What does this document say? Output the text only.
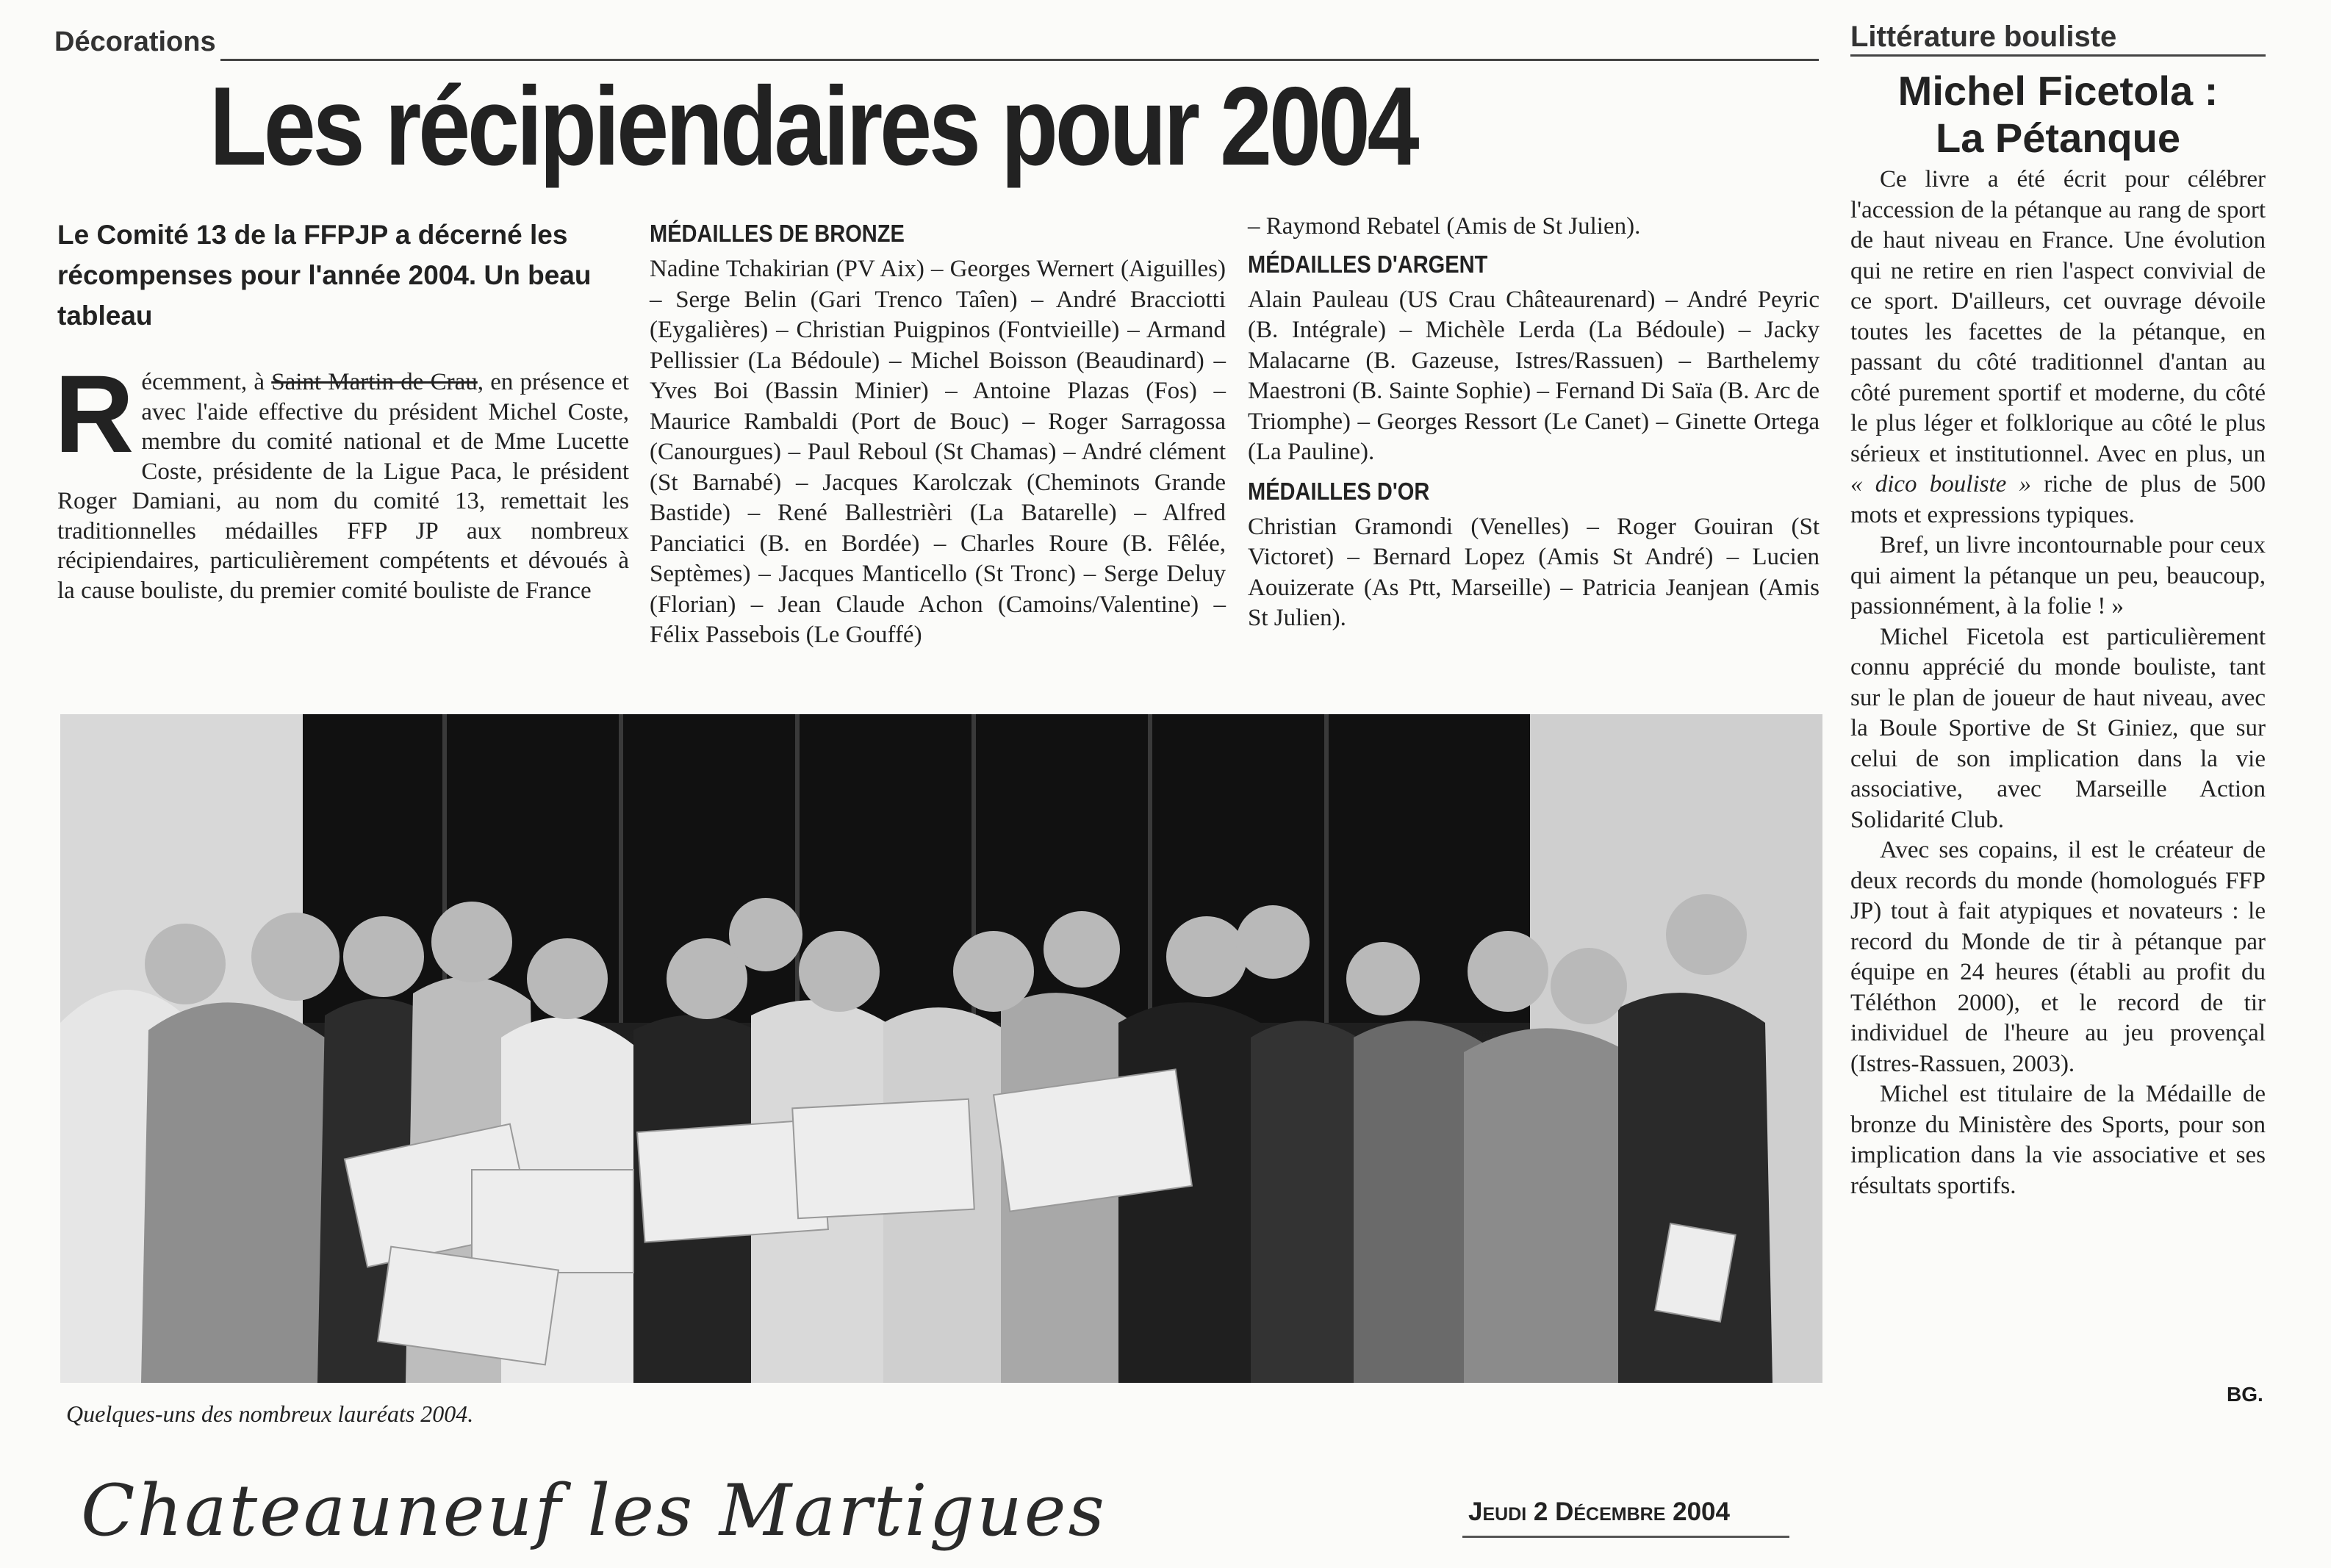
Décorations
Les récipiendaires pour 2004
Le Comité 13 de la FFPJP a décerné les récompenses pour l'année 2004. Un beau tableau
Récemment, à Saint Martin de Crau, en présence et avec l'aide effective du président Michel Coste, membre du comité national et de Mme Lucette Coste, présidente de la Ligue Paca, le président Roger Damiani, au nom du comité 13, remettait les traditionnelles médailles FFP JP aux nombreux récipiendaires, particulièrement compétents et dévoués à la cause bouliste, du premier comité bouliste de France
MÉDAILLES DE BRONZE
Nadine Tchakirian (PV Aix) – Georges Wernert (Aiguilles) – Serge Belin (Gari Trenco Taîen) – André Bracciotti (Eygalières) – Christian Puigpinos (Fontvieille) – Armand Pellissier (La Bédoule) – Michel Boisson (Beaudinard) – Yves Boi (Bassin Minier) – Antoine Plazas (Fos) – Maurice Rambaldi (Port de Bouc) – Roger Sarragossa (Canourgues) – Paul Reboul (St Chamas) – André clément (St Barnabé) – Jacques Karolczak (Cheminots Grande Bastide) – René Ballestrièri (La Batarelle) – Alfred Panciatici (B. en Bordée) – Charles Roure (B. Fêlée, Septèmes) – Jacques Manticello (St Tronc) – Serge Deluy (Florian) – Jean Claude Achon (Camoins/Valentine) – Félix Passebois (Le Gouffé)
– Raymond Rebatel (Amis de St Julien).
MÉDAILLES D'ARGENT
Alain Pauleau (US Crau Châteaurenard) – André Peyric (B. Intégrale) – Michèle Lerda (La Bédoule) – Jacky Malacarne (B. Gazeuse, Istres/Rassuen) – Barthelemy Maestroni (B. Sainte Sophie) – Fernand Di Saïa (B. Arc de Triomphe) – Georges Ressort (Le Canet) – Ginette Ortega (La Pauline).
MÉDAILLES D'OR
Christian Gramondi (Venelles) – Roger Gouiran (St Victoret) – Bernard Lopez (Amis St André) – Lucien Aouizerate (As Ptt, Marseille) – Patricia Jeanjean (Amis St Julien).
Littérature bouliste
Michel Ficetola :
La Pétanque

Ce livre a été écrit pour célébrer l'accession de la pétanque au rang de sport de haut niveau en France. Une évolution qui ne retire en rien l'aspect convivial de ce sport. D'ailleurs, cet ouvrage dévoile toutes les facettes de la pétanque, en passant du côté traditionnel d'antan au côté purement sportif et moderne, du côté le plus léger et folklorique au côté le plus sérieux et institutionnel. Avec en plus, un « dico bouliste » riche de plus de 500 mots et expressions typiques.

Bref, un livre incontournable pour ceux qui aiment la pétanque un peu, beaucoup, passionnément, à la folie ! »

Michel Ficetola est particulièrement connu apprécié du monde bouliste, tant sur le plan de joueur de haut niveau, avec la Boule Sportive de St Giniez, que sur celui de son implication dans la vie associative, avec Marseille Action Solidarité Club.

Avec ses copains, il est le créateur de deux records du monde (homologués FFP JP) tout à fait atypiques et novateurs : le record du Monde de tir à pétanque par équipe en 24 heures (établi au profit du Téléthon 2000), et le record de tir individuel de l'heure au jeu provençal (Istres-Rassuen, 2003).

Michel est titulaire de la Médaille de bronze du Ministère des Sports, pour son implication dans la vie associative et ses résultats sportifs.

BG.
Quelques-uns des nombreux lauréats 2004.
Chateauneuf les Martigues	Jeudi 2 Décembre 2004
